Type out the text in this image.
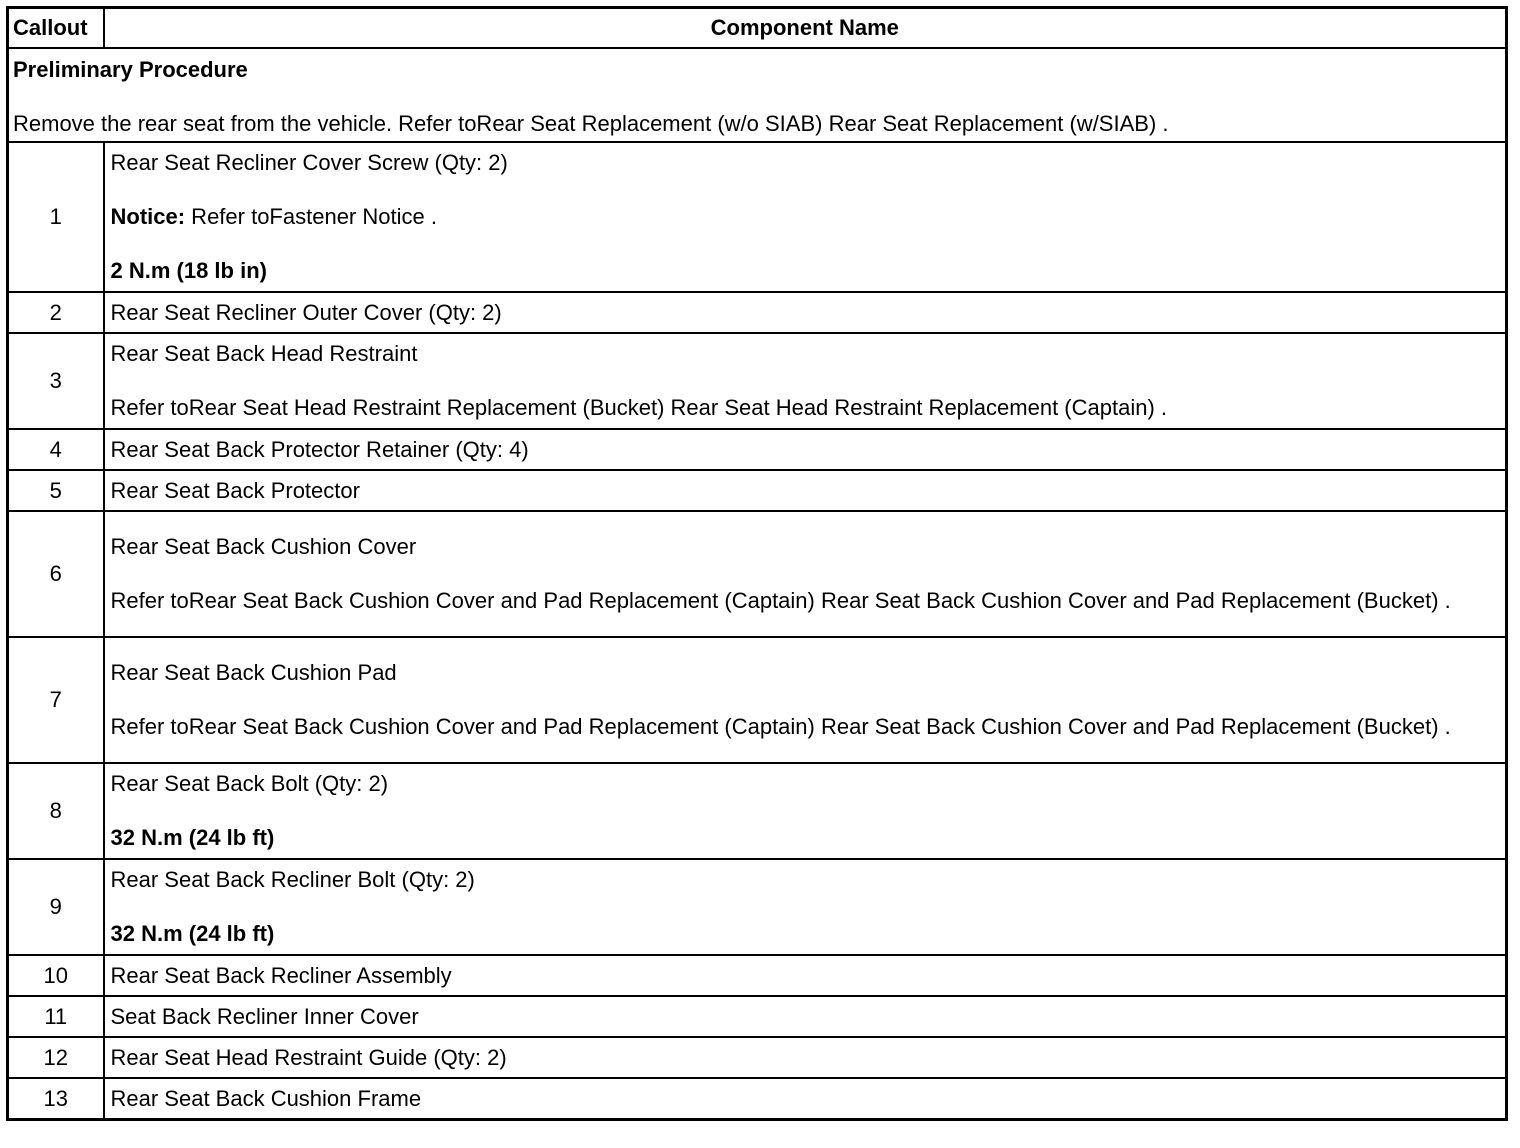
Callout	Component Name

Preliminary Procedure
Remove the rear seat from the vehicle. Refer toRear Seat Replacement (w/o SIAB) Rear Seat Replacement (w/SIAB) .	

1	Rear Seat Recliner Cover Screw (Qty: 2)

Notice: Refer toFastener Notice .

2 N.m (18 lb in)

2	Rear Seat Recliner Outer Cover (Qty: 2)
3	Rear Seat Back Head Restraint

Refer toRear Seat Head Restraint Replacement (Bucket) Rear Seat Head Restraint Replacement (Captain) .

4	Rear Seat Back Protector Retainer (Qty: 4)
5	Rear Seat Back Protector
6	Rear Seat Back Cushion Cover

Refer toRear Seat Back Cushion Cover and Pad Replacement (Captain) Rear Seat Back Cushion Cover and Pad Replacement (Bucket) .

7	Rear Seat Back Cushion Pad

Refer toRear Seat Back Cushion Cover and Pad Replacement (Captain) Rear Seat Back Cushion Cover and Pad Replacement (Bucket) .

8	Rear Seat Back Bolt (Qty: 2)

32 N.m (24 lb ft)

9	Rear Seat Back Recliner Bolt (Qty: 2)

32 N.m (24 lb ft)

10	Rear Seat Back Recliner Assembly
11	Seat Back Recliner Inner Cover
12	Rear Seat Head Restraint Guide (Qty: 2)
13	Rear Seat Back Cushion Frame
